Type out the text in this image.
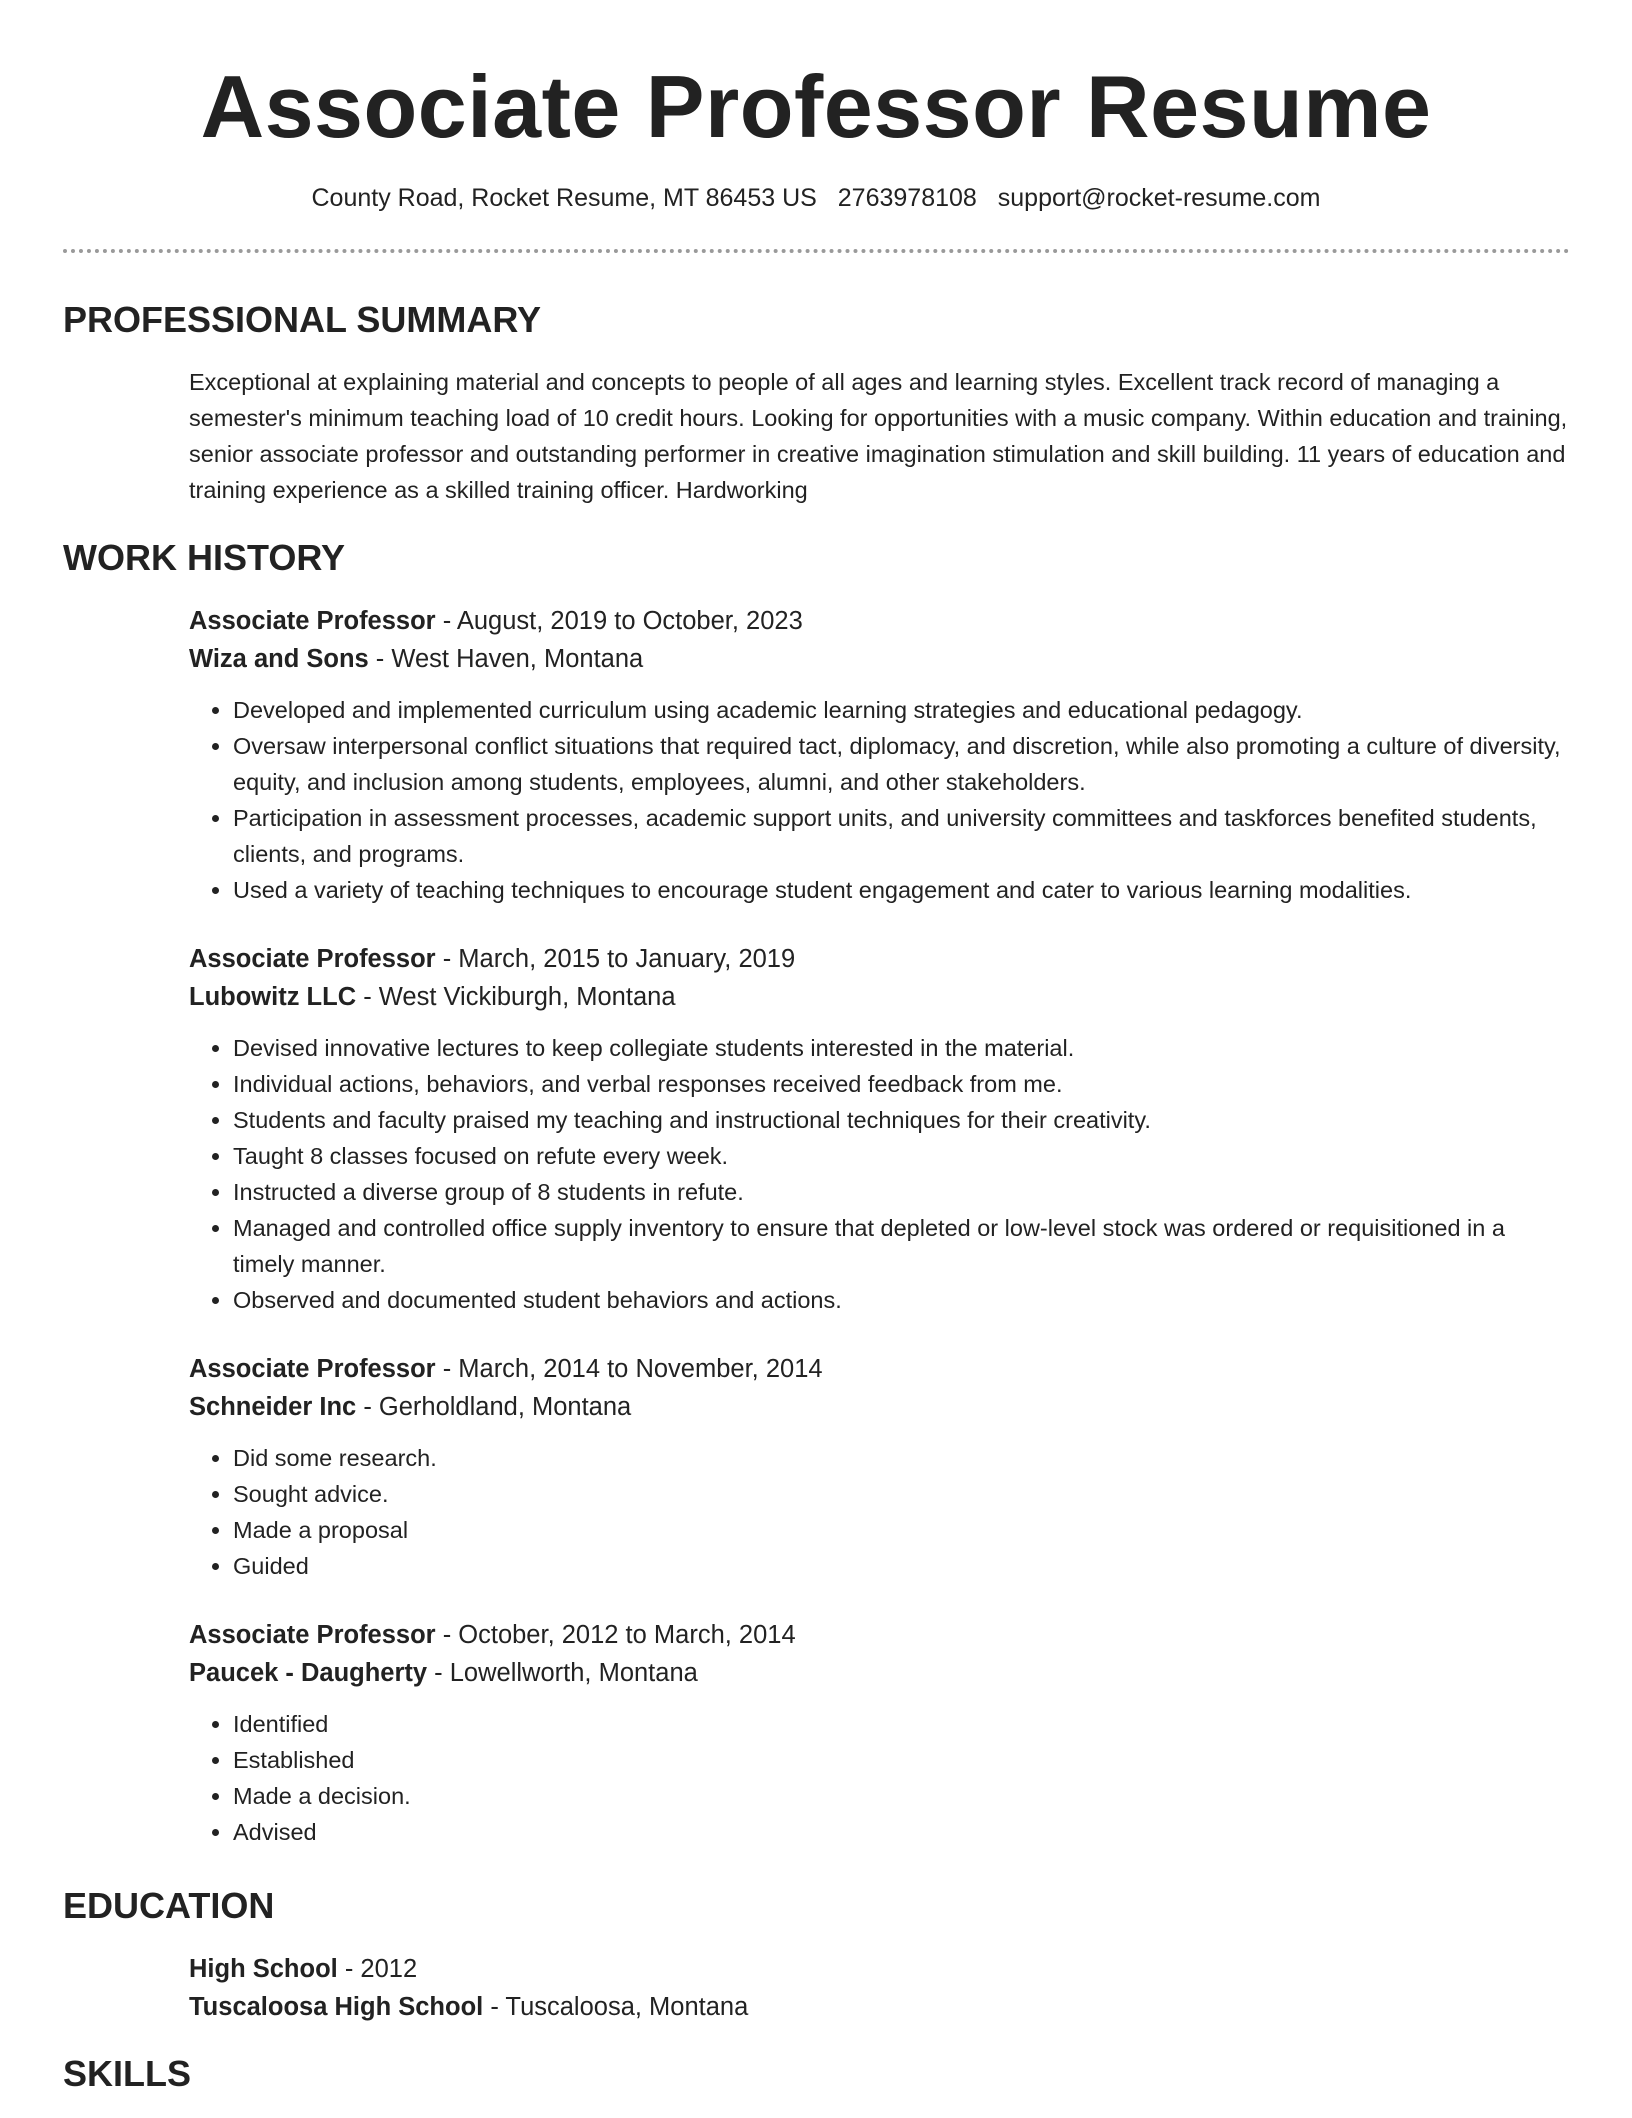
Associate Professor Resume
County Road, Rocket Resume, MT 86453 US 2763978108 support@rocket-resume.com
PROFESSIONAL SUMMARY

Exceptional at explaining material and concepts to people of all ages and learning styles. Excellent track record of managing a semester's minimum teaching load of 10 credit hours. Looking for opportunities with a music company. Within education and training, senior associate professor and outstanding performer in creative imagination stimulation and skill building. 11 years of education and training experience as a skilled training officer. Hardworking

WORK HISTORY

Associate Professor - August, 2019 to October, 2023

Wiza and Sons - West Haven, Montana

• Developed and implemented curriculum using academic learning strategies and educational pedagogy.
• Oversaw interpersonal conflict situations that required tact, diplomacy, and discretion, while also promoting a culture of diversity, equity, and inclusion among students, employees, alumni, and other stakeholders.
• Participation in assessment processes, academic support units, and university committees and taskforces benefited students, clients, and programs.
• Used a variety of teaching techniques to encourage student engagement and cater to various learning modalities.

Associate Professor - March, 2015 to January, 2019

Lubowitz LLC - West Vickiburgh, Montana

• Devised innovative lectures to keep collegiate students interested in the material.
• Individual actions, behaviors, and verbal responses received feedback from me.
• Students and faculty praised my teaching and instructional techniques for their creativity.
• Taught 8 classes focused on refute every week.
• Instructed a diverse group of 8 students in refute.
• Managed and controlled office supply inventory to ensure that depleted or low-level stock was ordered or requisitioned in a timely manner.
• Observed and documented student behaviors and actions.

Associate Professor - March, 2014 to November, 2014

Schneider Inc - Gerholdland, Montana

• Did some research.
• Sought advice.
• Made a proposal
• Guided

Associate Professor - October, 2012 to March, 2014

Paucek - Daugherty - Lowellworth, Montana

• Identified
• Established
• Made a decision.
• Advised
EDUCATION

High School - 2012

Tuscaloosa High School - Tuscaloosa, Montana

SKILLS
